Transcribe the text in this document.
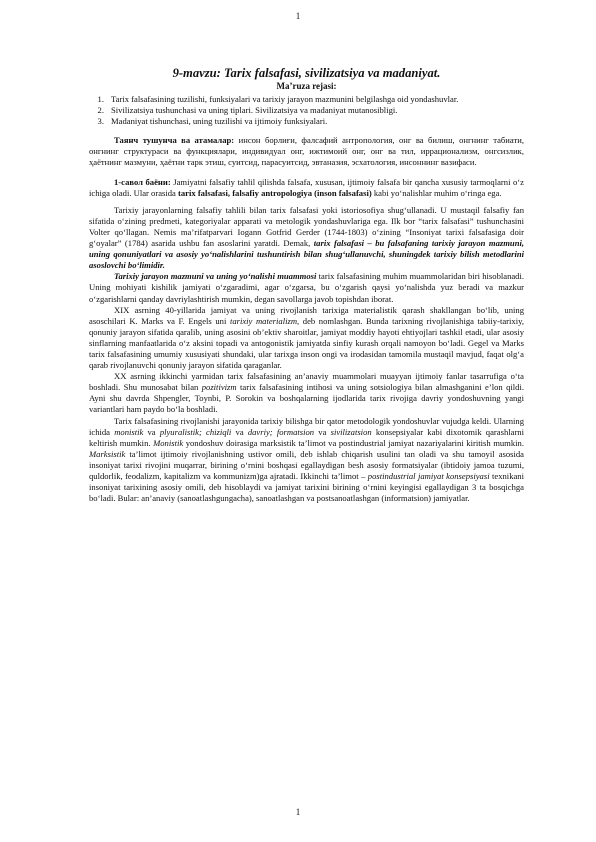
1
9-mavzu: Tarix falsafasi, sivilizatsiya va madaniyat.
Ma’ruza rejasi:
1. Tarix falsafasining tuzilishi, funksiyalari va tarixiy jarayon mazmunini belgilashga oid yondashuvlar.
2. Sivilizatsiya tushunchasi va uning tiplari. Sivilizatsiya va madaniyat mutanosibligi.
3. Madaniyat tishunchasi, uning tuzilishi va ijtimoiy funksiyalari.

Таянч тушунча ва атамалар: инсон борлиғи, фалсафий антропология, онг ва билиш, онгнинг табиати, онгнинг структураси ва функциялари, индивидуал онг, ижтимоий онг, онг ва тил, иррационализм, онгсизлик, ҳаётнинг мазмуни, ҳаётни тарк этиш, суитсид, парасуитсид, эвтаназия, эсхатология, инсоннинг вазифаси.

1-савол баёни: Jamiyatni falsafiy tahlil qilishda falsafa, xususan, ijtimoiy falsafa bir qancha xususiy tarmoqlarni o‘z ichiga oladi. Ular orasida tarix falsafasi, falsafiy antropologiya (inson falsafasi) kabi yo‘nalishlar muhim o‘ringa ega.

Tarixiy jarayonlarning falsafiy tahlili bilan tarix falsafasi yoki istoriosofiya shug‘ullanadi. U mustaqil falsafiy fan sifatida o‘zining predmeti, kategoriyalar apparati va metologik yondashuvlariga ega. Ilk bor “tarix falsafasi” tushunchasini Volter qo‘llagan. Nemis ma’rifatparvari Iogann Gotfrid Gerder (1744-1803) o‘zining “Insoniyat tarixi falsafasiga doir g‘oyalar” (1784) asarida ushbu fan asoslarini yaratdi. Demak, tarix falsafasi – bu falsafaning tarixiy jarayon mazmuni, uning qonuniyatlari va asosiy yo‘nalishlarini tushuntirish bilan shug‘ullanuvchi, shuningdek tarixiy bilish metodlarini asoslovchi bo‘limidir.

Tarixiy jarayon mazmuni va uning yo‘nalishi muammosi tarix falsafasining muhim muammolaridan biri hisoblanadi. Uning mohiyati kishilik jamiyati o‘zgaradimi, agar o‘zgarsa, bu o‘zgarish qaysi yo‘nalishda yuz beradi va mazkur o‘zgarishlarni qanday davriylashtirish mumkin, degan savollarga javob topishdan iborat.

XIX asrning 40-yillarida jamiyat va uning rivojlanish tarixiga materialistik qarash shakllangan bo‘lib, uning asoschilari K. Marks va F. Engels uni tarixiy materializm, deb nomlashgan. Bunda tarixning rivojlanishiga tabiiy-tarixiy, qonuniy jarayon sifatida qaralib, uning asosini ob’ektiv sharoitlar, jamiyat moddiy hayoti ehtiyojlari tashkil etadi, ular asosiy sinflarning manfaatlarida o‘z aksini topadi va antogonistik jamiyatda sinfiy kurash orqali namoyon bo‘ladi. Gegel va Marks tarix falsafasining umumiy xususiyati shundaki, ular tarixga inson ongi va irodasidan tamomila mustaqil mavjud, faqat olg‘a qarab rivojlanuvchi qonuniy jarayon sifatida qaraganlar.

XX asrning ikkinchi yarmidan tarix falsafasining an’anaviy muammolari muayyan ijtimoiy fanlar tasarrufiga o‘ta boshladi. Shu munosabat bilan pozitivizm tarix falsafasining intihosi va uning sotsiologiya bilan almashganini e’lon qildi. Ayni shu davrda Shpengler, Toynbi, P. Sorokin va boshqalarning ijodlarida tarix rivojiga davriy yondoshuvning yangi variantlari ham paydo bo‘la boshladi.

Tarix falsafasining rivojlanishi jarayonida tarixiy bilishga bir qator metodologik yondoshuvlar vujudga keldi. Ularning ichida monistik va plyuralistik; chiziqli va davriy; formatsion va sivilizatsion konsepsiyalar kabi dixotomik qarashlarni keltirish mumkin. Monistik yondoshuv doirasiga marksistik ta’limot va postindustrial jamiyat nazariyalarini kiritish mumkin. Marksistik ta’limot ijtimoiy rivojlanishning ustivor omili, deb ishlab chiqarish usulini tan oladi va shu tamoyil asosida insoniyat tarixi rivojini muqarrar, birining o‘rnini boshqasi egallaydigan besh asosiy formatsiyalar (ibtidoiy jamoa tuzumi, quldorlik, feodalizm, kapitalizm va kommunizm)ga ajratadi. Ikkinchi ta’limot – postindustrial jamiyat konsepsiyasi texnikani insoniyat tarixining asosiy omili, deb hisoblaydi va jamiyat tarixini birining o‘rnini keyingisi egallaydigan 3 ta bosqichga bo‘ladi. Bular: an’anaviy (sanoatlashgungacha), sanoatlashgan va postsanoatlashgan (informatsion) jamiyatlar.

1
